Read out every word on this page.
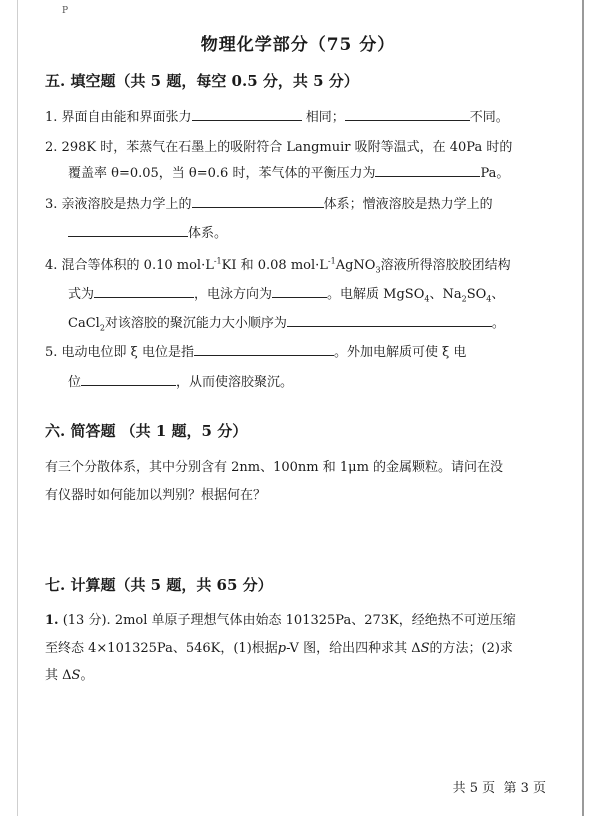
P
物理化学部分（75 分）
五. 填空题（共 5 题，每空 0.5 分，共 5 分）
1. 界面自由能和界面张力	相同；	不同。
2. 298K 时，苯蒸气在石墨上的吸附符合 Langmuir 吸附等温式，在 40Pa 时的
覆盖率 θ=0.05，当 θ=0.6 时，苯气体的平衡压力为	Pa。
3. 亲液溶胶是热力学上的	体系；憎液溶胶是热力学上的
体系。
4. 混合等体积的 0.10 $mol\cdot L^{-1}KI$ 和 0.08 $mol\cdot L^{-1}AgNO_3$溶液所得溶胶胶团结构
式为	，电泳方向为	。电解质 MgSO$_4$、$Na_2SO_4$、
CaCl$_2$对该溶胶的聚沉能力大小顺序为	。
5. 电动电位即 ξ 电位是指	。外加电解质可使 ξ 电
位	，从而使溶胶聚沉。
六. 简答题 （共 1 题，5 分）
有三个分散体系，其中分别含有 2nm、100nm 和 1μm 的金属颗粒。请问在没
有仪器时如何能加以判别？根据何在？
七. 计算题（共 5 题，共 65 分）
1. (13 分). 2mol 单原子理想气体由始态 101325Pa、273K，经绝热不可逆压缩
至终态 4×101325Pa、546K，(1)根据p-V 图，给出四种求其 ΔS的方法；(2)求
其 ΔS。
共 5 页 第 3 页
